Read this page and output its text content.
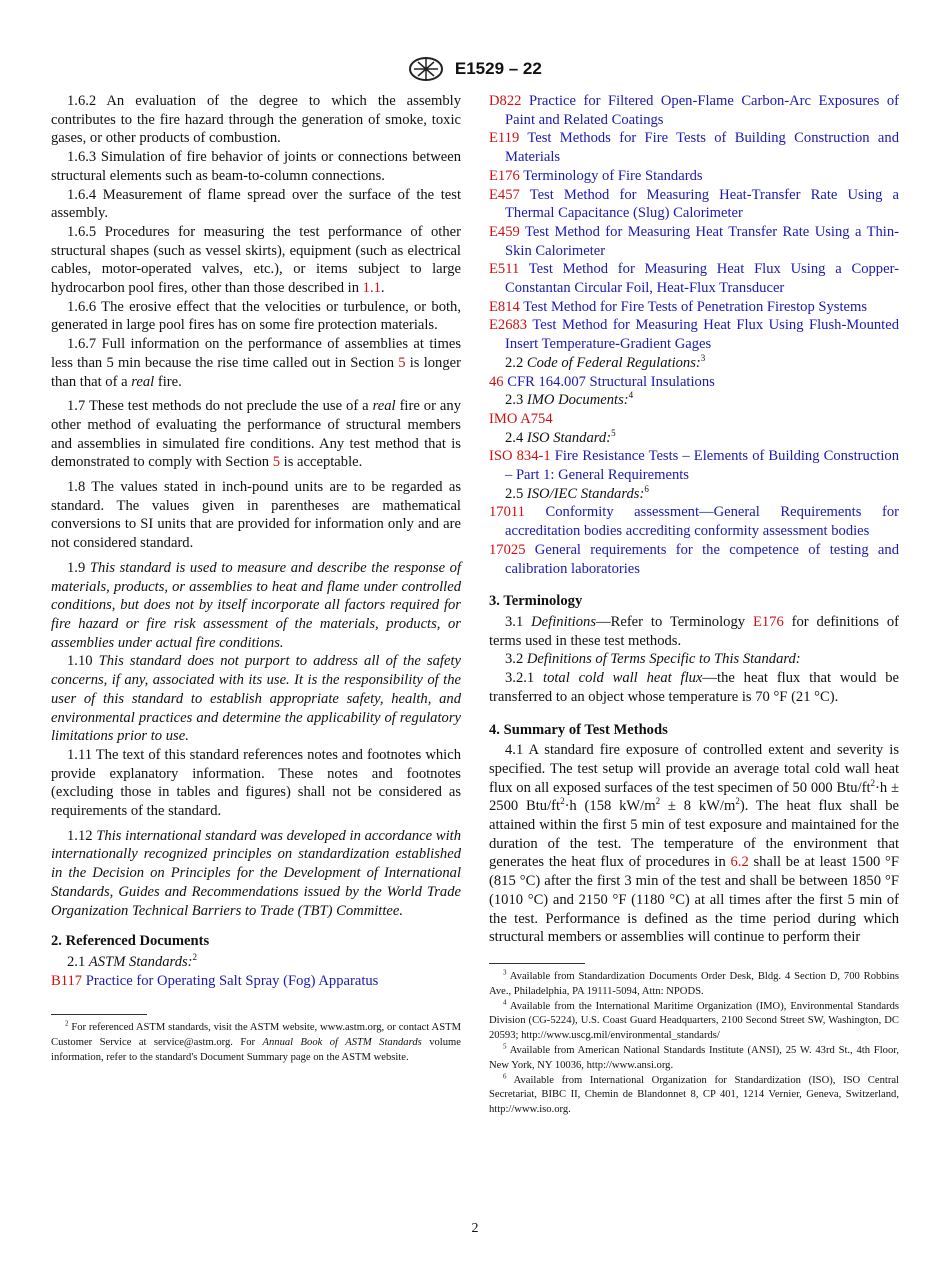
E1529 – 22

1.6.2 An evaluation of the degree to which the assembly contributes to the fire hazard through the generation of smoke, toxic gases, or other products of combustion.

1.6.3 Simulation of fire behavior of joints or connections between structural elements such as beam-to-column connections.

1.6.4 Measurement of flame spread over the surface of the test assembly.

1.6.5 Procedures for measuring the test performance of other structural shapes (such as vessel skirts), equipment (such as electrical cables, motor-operated valves, etc.), or items subject to large hydrocarbon pool fires, other than those described in 1.1.

1.6.6 The erosive effect that the velocities or turbulence, or both, generated in large pool fires has on some fire protection materials.

1.6.7 Full information on the performance of assemblies at times less than 5 min because the rise time called out in Section 5 is longer than that of a real fire.

1.7 These test methods do not preclude the use of a real fire or any other method of evaluating the performance of structural members and assemblies in simulated fire conditions. Any test method that is demonstrated to comply with Section 5 is acceptable.

1.8 The values stated in inch-pound units are to be regarded as standard. The values given in parentheses are mathematical conversions to SI units that are provided for information only and are not considered standard.

1.9 This standard is used to measure and describe the response of materials, products, or assemblies to heat and flame under controlled conditions, but does not by itself incorporate all factors required for fire hazard or fire risk assessment of the materials, products, or assemblies under actual fire conditions.

1.10 This standard does not purport to address all of the safety concerns, if any, associated with its use. It is the responsibility of the user of this standard to establish appropriate safety, health, and environmental practices and determine the applicability of regulatory limitations prior to use.

1.11 The text of this standard references notes and footnotes which provide explanatory information. These notes and footnotes (excluding those in tables and figures) shall not be considered as requirements of the standard.

1.12 This international standard was developed in accordance with internationally recognized principles on standardization established in the Decision on Principles for the Development of International Standards, Guides and Recommendations issued by the World Trade Organization Technical Barriers to Trade (TBT) Committee.

2. Referenced Documents

2.1 ASTM Standards:$^2$

B117 Practice for Operating Salt Spray (Fog) Apparatus

$^2$ For referenced ASTM standards, visit the ASTM website, www.astm.org, or contact ASTM Customer Service at service@astm.org. For Annual Book of ASTM Standards volume information, refer to the standard's Document Summary page on the ASTM website.

D822 Practice for Filtered Open-Flame Carbon-Arc Exposures of Paint and Related Coatings

E119 Test Methods for Fire Tests of Building Construction and Materials

E176 Terminology of Fire Standards

E457 Test Method for Measuring Heat-Transfer Rate Using a Thermal Capacitance (Slug) Calorimeter

E459 Test Method for Measuring Heat Transfer Rate Using a Thin-Skin Calorimeter

E511 Test Method for Measuring Heat Flux Using a Copper-Constantan Circular Foil, Heat-Flux Transducer

E814 Test Method for Fire Tests of Penetration Firestop Systems

E2683 Test Method for Measuring Heat Flux Using Flush-Mounted Insert Temperature-Gradient Gages

2.2 Code of Federal Regulations:$^3$

46 CFR 164.007 Structural Insulations

2.3 IMO Documents:$^4$

IMO A754

2.4 ISO Standard:$^5$

ISO 834-1 Fire Resistance Tests – Elements of Building Construction – Part 1: General Requirements

2.5 ISO/IEC Standards:$^6$

17011 Conformity assessment—General Requirements for accreditation bodies accrediting conformity assessment bodies

17025 General requirements for the competence of testing and calibration laboratories

3. Terminology

3.1 Definitions—Refer to Terminology E176 for definitions of terms used in these test methods.

3.2 Definitions of Terms Specific to This Standard:

3.2.1 total cold wall heat flux—the heat flux that would be transferred to an object whose temperature is 70 °F (21 °C).

4. Summary of Test Methods

4.1 A standard fire exposure of controlled extent and severity is specified. The test setup will provide an average total cold wall heat flux on all exposed surfaces of the test specimen of 50 000 Btu/$ft^2\cdot h \pm 2500$ Btu/$ft^2\cdot h$ (158 $kW/m^2 \pm 8$ $kW/m^2$). The heat flux shall be attained within the first 5 min of test exposure and maintained for the duration of the test. The temperature of the environment that generates the heat flux of procedures in 6.2 shall be at least 1500 °F (815 °C) after the first 3 min of the test and shall be between 1850 °F (1010 °C) and 2150 °F (1180 °C) at all times after the first 5 min of the test. Performance is defined as the time period during which structural members or assemblies will continue to perform their

$^3$ Available from Standardization Documents Order Desk, Bldg. 4 Section D, 700 Robbins Ave., Philadelphia, PA 19111-5094, Attn: NPODS.

$^4$ Available from the International Maritime Organization (IMO), Environmental Standards Division (CG-5224), U.S. Coast Guard Headquarters, 2100 Second Street SW, Washington, DC 20593; http://www.uscg.mil/environmental_standards/

$^5$ Available from American National Standards Institute (ANSI), 25 W. 43rd St., 4th Floor, New York, NY 10036, http://www.ansi.org.

$^6$ Available from International Organization for Standardization (ISO), ISO Central Secretariat, BIBC II, Chemin de Blandonnet 8, CP 401, 1214 Vernier, Geneva, Switzerland, http://www.iso.org.

2
